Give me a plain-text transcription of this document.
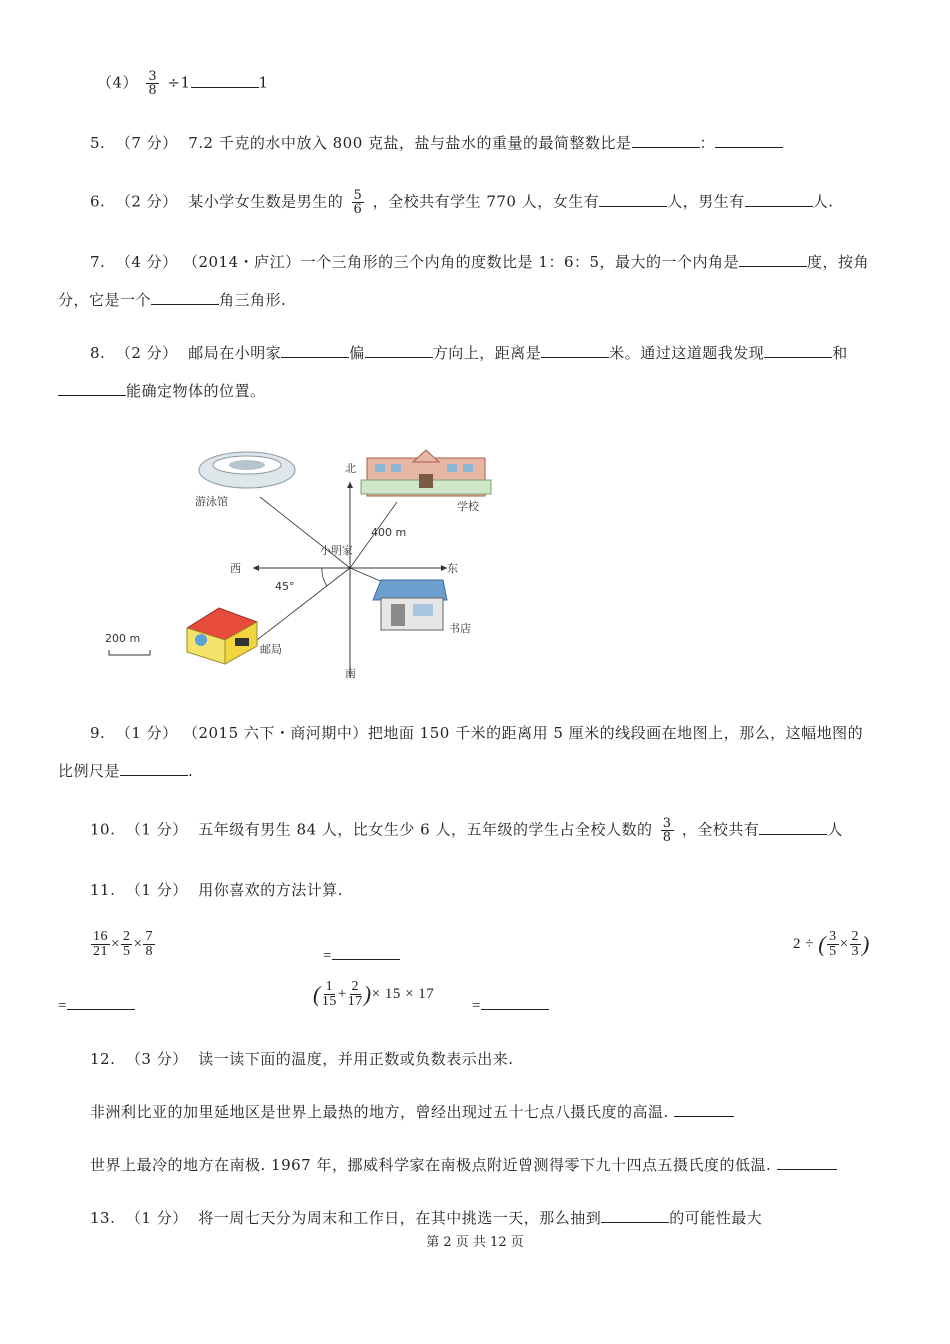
$(4) \frac{3}{8} \div 1$	1
5. （7 分） 7.2 千克的水中放入 800 克盐，盐与盐水的重量的最简整数比是	：
6. （2 分） 某小学女生数是男生的 $\frac{5}{6}$ ，全校共有学生 770 人，女生有	人，男生有	人.
7. （4 分） （2014・庐江）一个三角形的三个内角的度数比是 1：6：5，最大的一个内角是	度，按角
分，它是一个	角三角形.
8. （2 分） 邮局在小明家	偏	方向上，距离是	米。通过这道题我发现	和
能确定物体的位置。
游泳馆	学校
小明家
400 m
45°
北
南
东
西
书店
邮局
200 m
9. （1 分） （2015 六下・商河期中）把地面 150 千米的距离用 5 厘米的线段画在地图上，那么，这幅地图的
比例尺是	.
10. （1 分） 五年级有男生 84 人，比女生少 6 人，五年级的学生占全校人数的 $\frac{3}{8}$ ，全校共有	人
11. （1 分） 用你喜欢的方法计算.
$\frac{16}{21} \times \frac{2}{5} \times \frac{7}{8}$	=
2 ÷ ( $\frac{3}{5} \times \frac{2}{3}$ )
=	( $\frac{1}{15} + \frac{2}{17}$ )× 15 × 17
=
12. （3 分） 读一读下面的温度，并用正数或负数表示出来.
非洲利比亚的加里延地区是世界上最热的地方，曾经出现过五十七点八摄氏度的高温.
世界上最冷的地方在南极. 1967 年，挪威科学家在南极点附近曾测得零下九十四点五摄氏度的低温.
13. （1 分） 将一周七天分为周末和工作日，在其中挑选一天，那么抽到	的可能性最大
第 2 页 共 12 页
